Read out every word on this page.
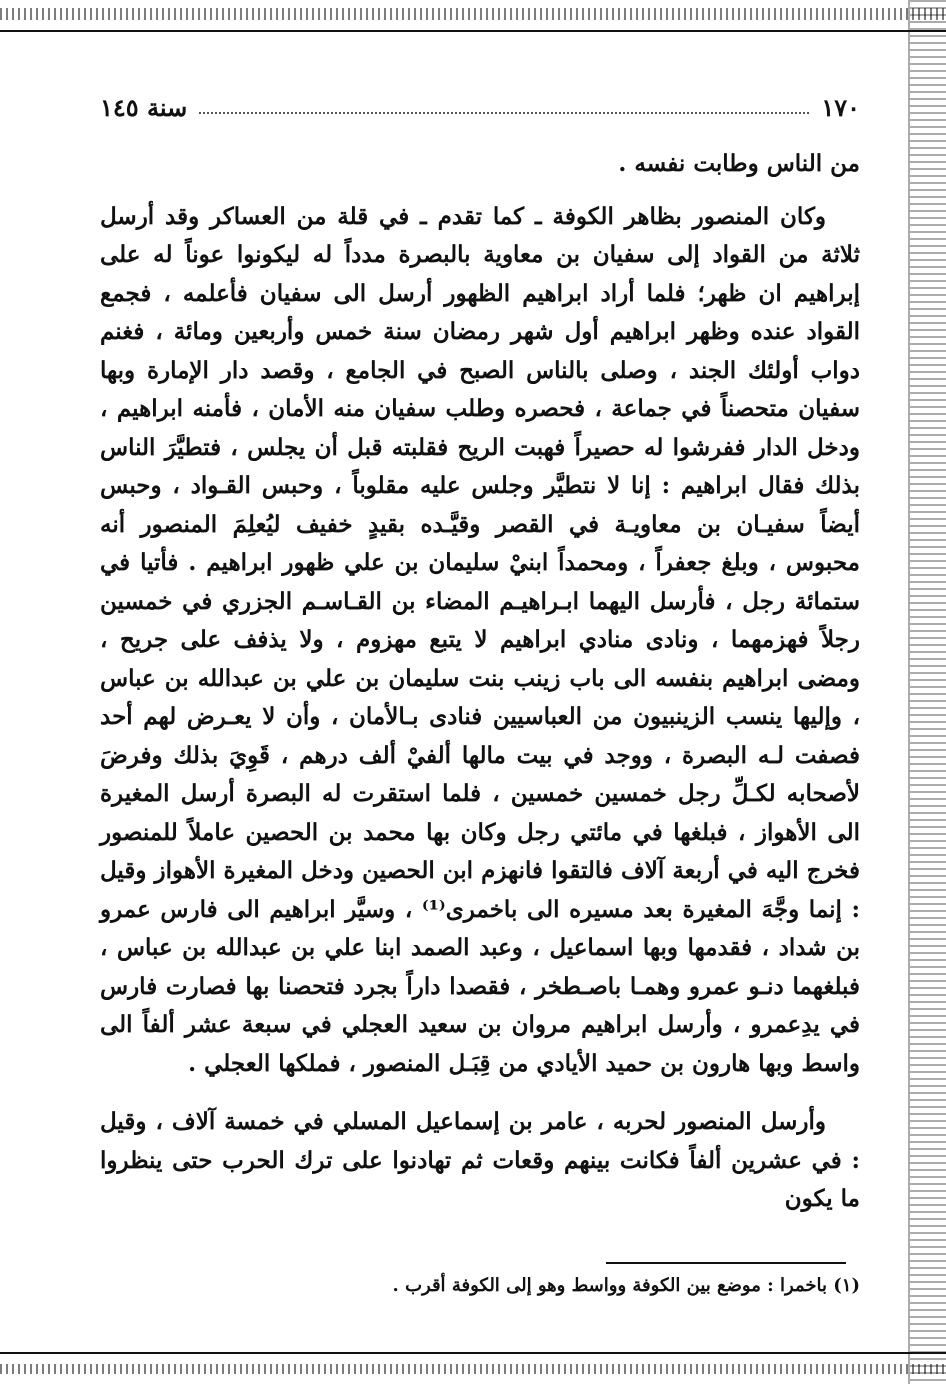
١٧٠
سنة ١٤٥

من الناس وطابت نفسه .

وكان المنصور بظاهر الكوفة ـ كما تقدم ـ في قلة من العساكر وقد أرسل ثلاثة من القواد إلى سفيان بن معاوية بالبصرة مدداً له ليكونوا عوناً له على إبراهيم ان ظهر؛ فلما أراد ابراهيم الظهور أرسل الى سفيان فأعلمه ، فجمع القواد عنده وظهر ابراهيم أول شهر رمضان سنة خمس وأربعين ومائة ، فغنم دواب أولئك الجند ، وصلى بالناس الصبح في الجامع ، وقصد دار الإمارة وبها سفيان متحصناً في جماعة ، فحصره وطلب سفيان منه الأمان ، فأمنه ابراهيم ، ودخل الدار ففرشوا له حصيراً فهبت الريح فقلبته قبل أن يجلس ، فتطيَّرَ الناس بذلك فقال ابراهيم : إنا لا نتطيَّر وجلس عليه مقلوباً ، وحبس القـواد ، وحبس أيضاً سفيـان بن معاويـة في القصر وقيَّـده بقيدٍ خفيف ليُعلِمَ المنصور أنه محبوس ، وبلغ جعفراً ، ومحمداً ابنيْ سليمان بن علي ظهور ابراهيم . فأتيا في ستمائة رجل ، فأرسل اليهما ابـراهيـم المضاء بن القـاسـم الجزري في خمسين رجلاً فهزمهما ، ونادى منادي ابراهيم لا يتبع مهزوم ، ولا يذفف على جريح ، ومضى ابراهيم بنفسه الى باب زينب بنت سليمان بن علي بن عبدالله بن عباس ، وإليها ينسب الزينبيون من العباسيين فنادى بـالأمان ، وأن لا يعـرض لهم أحد فصفت لـه البصرة ، ووجد في بيت مالها ألفيْ ألف درهم ، قَوِيَ بذلك وفرضَ لأصحابه لكـلِّ رجل خمسين خمسين ، فلما استقرت له البصرة أرسل المغيرة الى الأهواز ، فبلغها في مائتي رجل وكان بها محمد بن الحصين عاملاً للمنصور فخرج اليه في أربعة آلاف فالتقوا فانهزم ابن الحصين ودخل المغيرة الأهواز وقيل : إنما وجَّهَ المغيرة بعد مسيره الى باخمرى⁽¹⁾ ، وسيَّر ابراهيم الى فارس عمرو بن شداد ، فقدمها وبها اسماعيل ، وعبد الصمد ابنا علي بن عبدالله بن عباس ، فبلغهما دنـو عمرو وهمـا باصـطخر ، فقصدا داراً بجرد فتحصنا بها فصارت فارس في يدِعمرو ، وأرسل ابراهيم مروان بن سعيد العجلي في سبعة عشر ألفاً الى واسط وبها هارون بن حميد الأيادي من قِبَـل المنصور ، فملكها العجلي .

وأرسل المنصور لحربه ، عامر بن إسماعيل المسلي في خمسة آلاف ، وقيل : في عشرين ألفاً فكانت بينهم وقعات ثم تهادنوا على ترك الحرب حتى ينظروا ما يكون

(١) باخمرا : موضع بين الكوفة وواسط وهو إلى الكوفة أقرب .
